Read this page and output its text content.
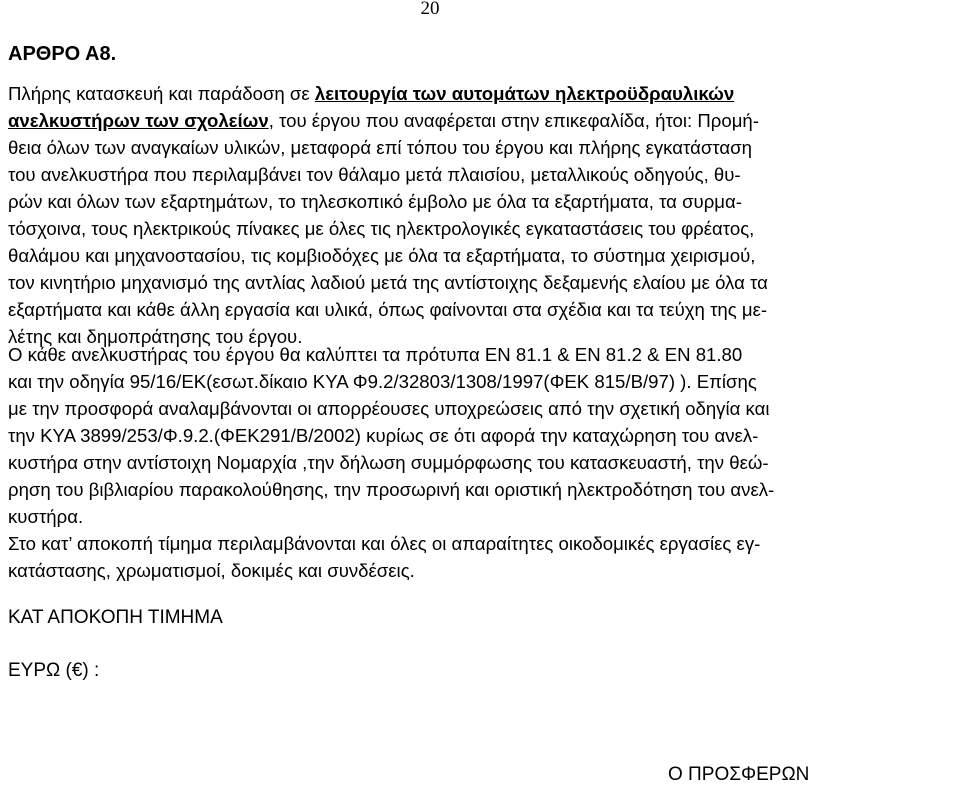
20
ΑΡΘΡΟ Α8.
Πλήρης κατασκευή και παράδοση σε λειτουργία των αυτομάτων ηλεκτροϋδραυλικών
ανελκυστήρων των σχολείων, του έργου που αναφέρεται στην επικεφαλίδα, ήτοι: Προμή-
θεια όλων των αναγκαίων υλικών, μεταφορά επί τόπου του έργου και πλήρης εγκατάσταση
του ανελκυστήρα που περιλαμβάνει τον θάλαμο μετά πλαισίου, μεταλλικούς οδηγούς, θυ-
ρών και όλων των εξαρτημάτων, το τηλεσκοπικό έμβολο με όλα τα εξαρτήματα, τα συρμα-
τόσχοινα, τους ηλεκτρικούς πίνακες με όλες τις ηλεκτρολογικές εγκαταστάσεις του φρέατος,
θαλάμου και μηχανοστασίου, τις κομβιοδόχες με όλα τα εξαρτήματα, το σύστημα χειρισμού,
τον κινητήριο μηχανισμό της αντλίας λαδιού μετά της αντίστοιχης δεξαμενής ελαίου με όλα τα
εξαρτήματα και κάθε άλλη εργασία και υλικά, όπως φαίνονται στα σχέδια και τα τεύχη της με-
λέτης και δημοπράτησης του έργου.
Ο κάθε ανελκυστήρας του έργου θα καλύπτει τα πρότυπα ΕΝ 81.1 & ΕΝ 81.2 & ΕΝ 81.80
και την οδηγία 95/16/ΕΚ(εσωτ.δίκαιο ΚΥΑ Φ9.2/32803/1308/1997(ΦΕΚ 815/Β/97) ). Επίσης
με την προσφορά αναλαμβάνονται οι απορρέουσες υποχρεώσεις από την σχετική οδηγία και
την ΚΥΑ 3899/253/Φ.9.2.(ΦΕΚ291/Β/2002) κυρίως σε ότι αφορά την καταχώρηση του ανελ-
κυστήρα στην αντίστοιχη Νομαρχία ,την δήλωση συμμόρφωσης του κατασκευαστή, την θεώ-
ρηση του βιβλιαρίου παρακολούθησης, την προσωρινή και οριστική ηλεκτροδότηση του ανελ-
κυστήρα.
Στο κατ’ αποκοπή τίμημα περιλαμβάνονται και όλες οι απαραίτητες οικοδομικές εργασίες εγ-
κατάστασης, χρωματισμοί, δοκιμές και συνδέσεις.
ΚΑΤ ΑΠΟΚΟΠΗ ΤΙΜΗΜΑ
ΕΥΡΩ (€) :
Ο ΠΡΟΣΦΕΡΩΝ
